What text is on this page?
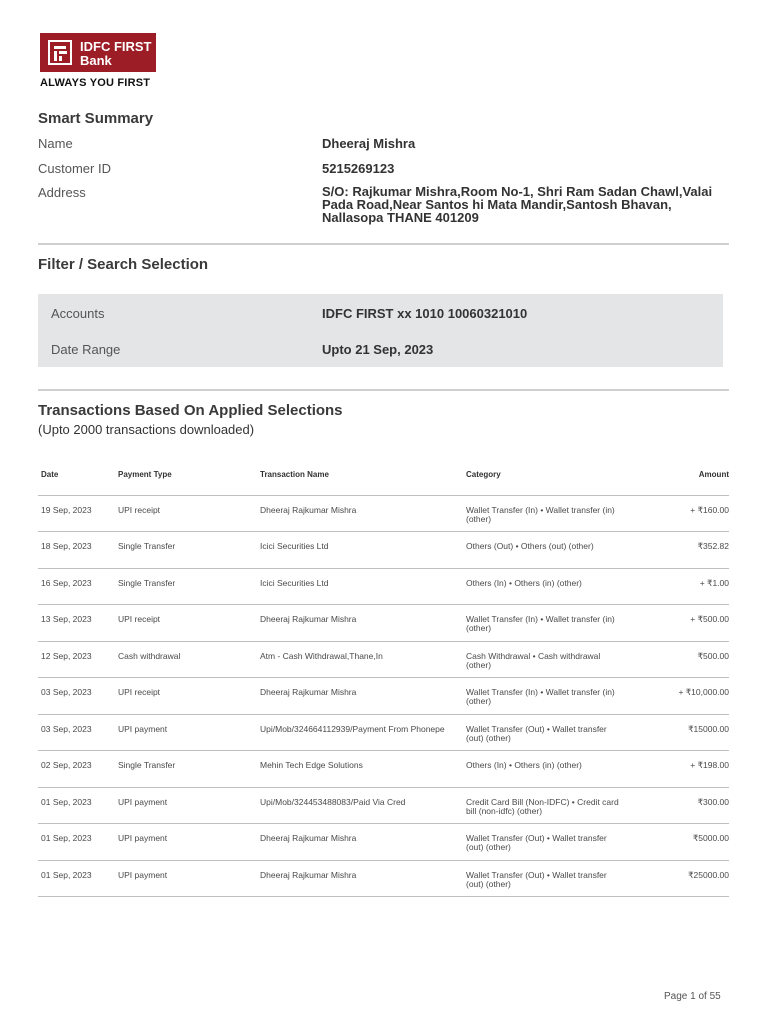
IDFC FIRST
Bank
ALWAYS YOU FIRST
Smart Summary
Name	Dheeraj Mishra
Customer ID	5215269123
Address	S/O: Rajkumar Mishra,Room No-1, Shri Ram Sadan Chawl,Valai Pada Road,Near Santos hi Mata Mandir,Santosh Bhavan, Nallasopa THANE 401209
Filter / Search Selection
Accounts	IDFC FIRST xx 1010 10060321010
Date Range	Upto 21 Sep, 2023
Transactions Based On Applied Selections
(Upto 2000 transactions downloaded)
Date	Payment Type	Transaction Name	Category	Amount
19 Sep, 2023	UPI receipt	Dheeraj Rajkumar Mishra	Wallet Transfer (In) • Wallet transfer (in) (other)	+ ₹160.00
18 Sep, 2023	Single Transfer	Icici Securities Ltd	Others (Out) • Others (out) (other)	₹352.82
16 Sep, 2023	Single Transfer	Icici Securities Ltd	Others (In) • Others (in) (other)	+ ₹1.00
13 Sep, 2023	UPI receipt	Dheeraj Rajkumar Mishra	Wallet Transfer (In) • Wallet transfer (in) (other)	+ ₹500.00
12 Sep, 2023	Cash withdrawal	Atm - Cash Withdrawal,Thane,In	Cash Withdrawal • Cash withdrawal (other)	₹500.00
03 Sep, 2023	UPI receipt	Dheeraj Rajkumar Mishra	Wallet Transfer (In) • Wallet transfer (in) (other)	+ ₹10,000.00
03 Sep, 2023	UPI payment	Upi/Mob/324664112939/Payment From Phonepe	Wallet Transfer (Out) • Wallet transfer (out) (other)	₹15000.00
02 Sep, 2023	Single Transfer	Mehin Tech Edge Solutions	Others (In) • Others (in) (other)	+ ₹198.00
01 Sep, 2023	UPI payment	Upi/Mob/324453488083/Paid Via Cred	Credit Card Bill (Non-IDFC) • Credit card bill (non-idfc) (other)	₹300.00
01 Sep, 2023	UPI payment	Dheeraj Rajkumar Mishra	Wallet Transfer (Out) • Wallet transfer (out) (other)	₹5000.00
01 Sep, 2023	UPI payment	Dheeraj Rajkumar Mishra	Wallet Transfer (Out) • Wallet transfer (out) (other)	₹25000.00
Page 1 of 55
